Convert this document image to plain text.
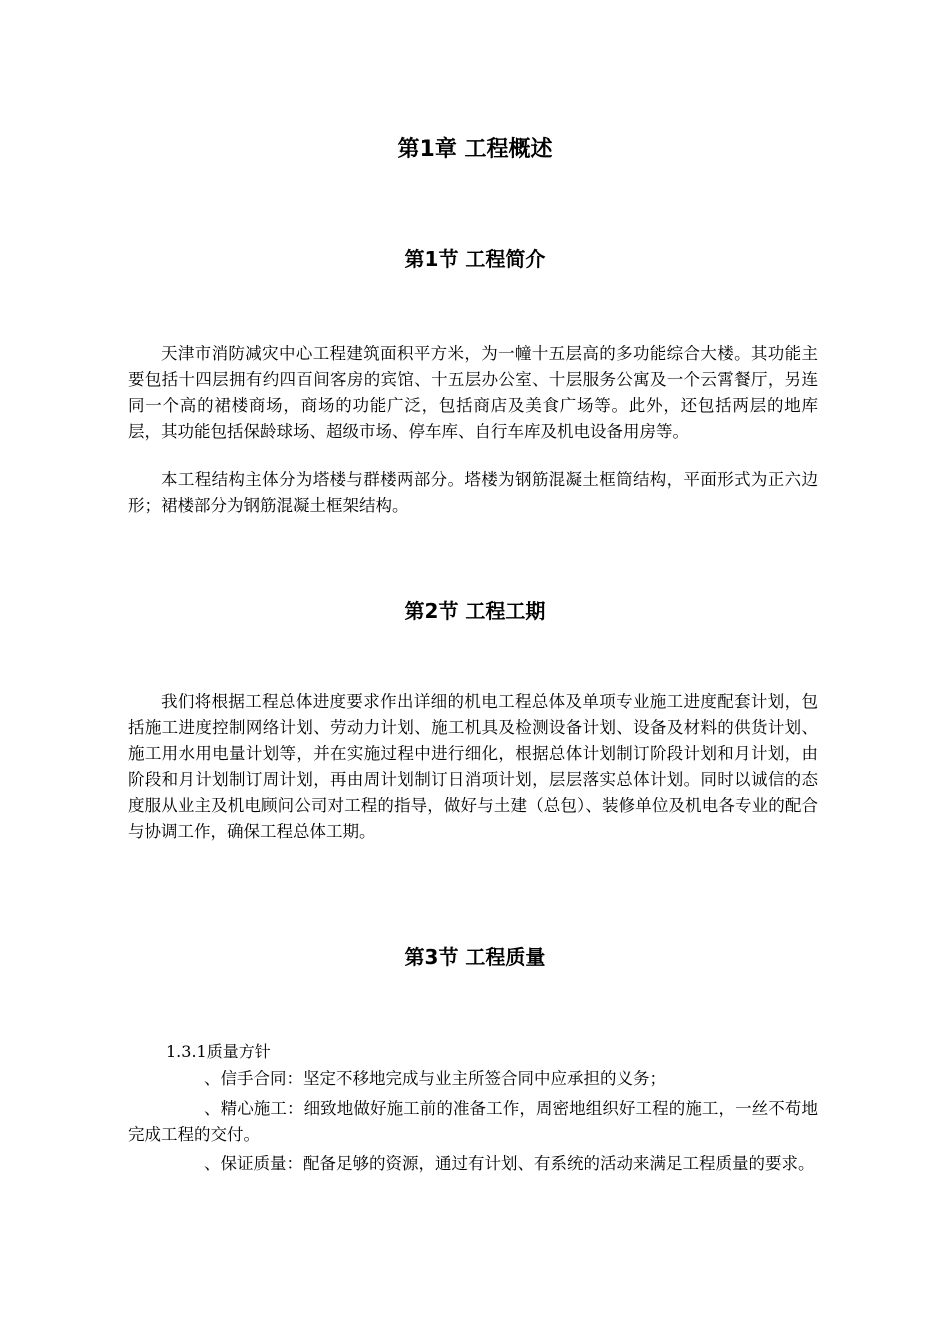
第1章 工程概述
第1节 工程简介

天津市消防减灾中心工程建筑面积平方米，为一幢十五层高的多功能综合大楼。其功能主要包括十四层拥有约四百间客房的宾馆、十五层办公室、十层服务公寓及一个云霄餐厅，另连同一个高的裙楼商场，商场的功能广泛，包括商店及美食广场等。此外，还包括两层的地库层，其功能包括保龄球场、超级市场、停车库、自行车库及机电设备用房等。

本工程结构主体分为塔楼与群楼两部分。塔楼为钢筋混凝土框筒结构，平面形式为正六边形；裙楼部分为钢筋混凝土框架结构。

第2节 工程工期

我们将根据工程总体进度要求作出详细的机电工程总体及单项专业施工进度配套计划，包括施工进度控制网络计划、劳动力计划、施工机具及检测设备计划、设备及材料的供货计划、施工用水用电量计划等，并在实施过程中进行细化，根据总体计划制订阶段计划和月计划，由阶段和月计划制订周计划，再由周计划制订日消项计划，层层落实总体计划。同时以诚信的态度服从业主及机电顾问公司对工程的指导，做好与土建（总包）、装修单位及机电各专业的配合与协调工作，确保工程总体工期。

第3节 工程质量

1.3.1质量方针

、信手合同：坚定不移地完成与业主所签合同中应承担的义务；

、精心施工：细致地做好施工前的准备工作，周密地组织好工程的施工，一丝不苟地完成工程的交付。

、保证质量：配备足够的资源，通过有计划、有系统的活动来满足工程质量的要求。
